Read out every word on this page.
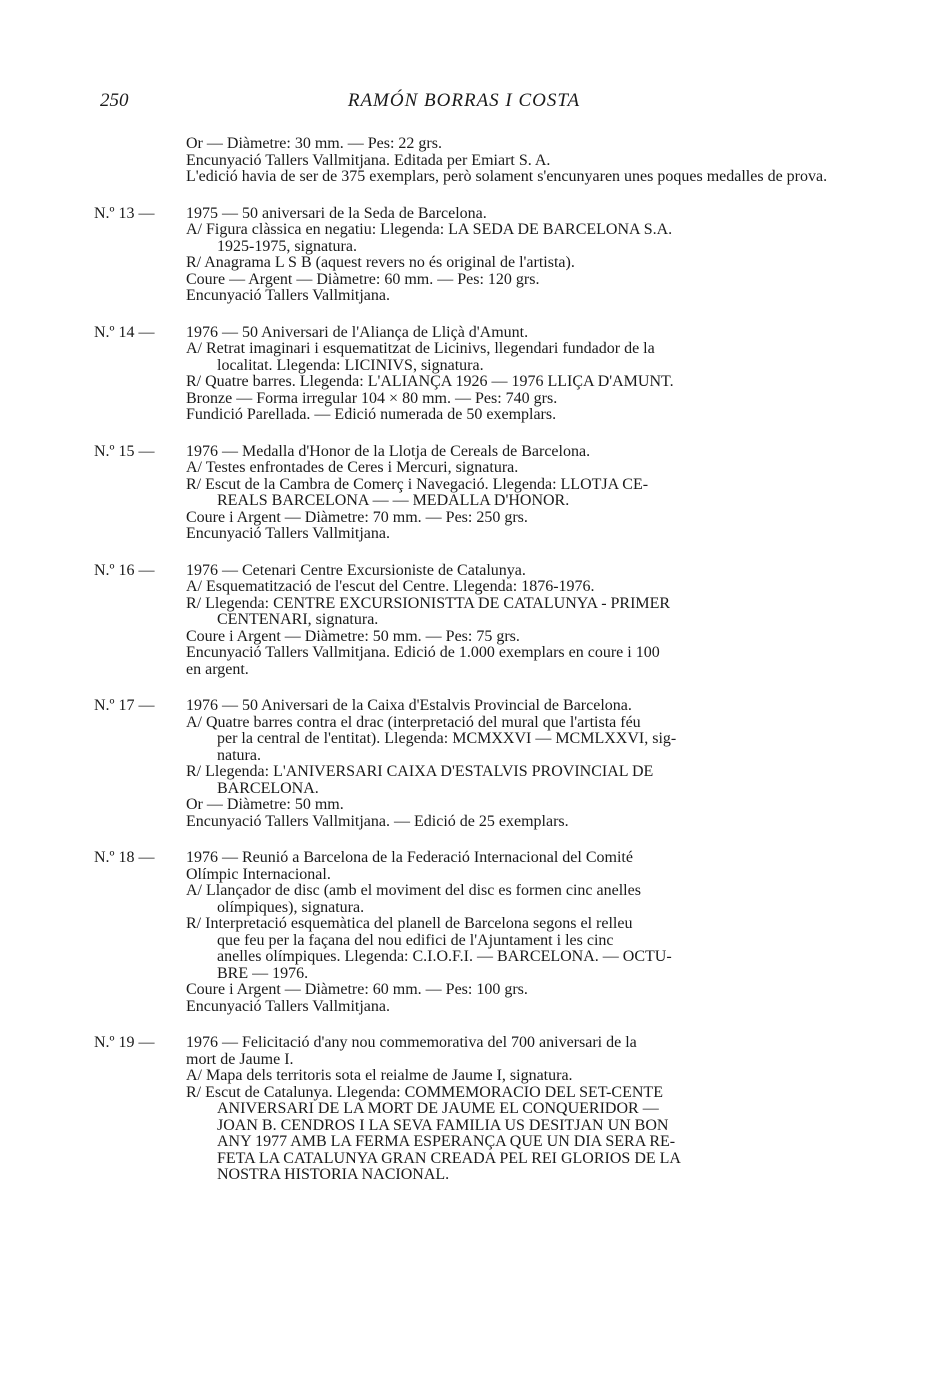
250	RAMÓN BORRAS I COSTA
Or — Diàmetre: 30 mm. — Pes: 22 grs.
Encunyació Tallers Vallmitjana. Editada per Emiart S. A.
L'edició havia de ser de 375 exemplars, però solament s'encunyaren unes poques medalles de prova.
N.º 13 — 1975 — 50 aniversari de la Seda de Barcelona.
A/ Figura clàssica en negatiu: Llegenda: LA SEDA DE BARCELONA S.A.
1925-1975, signatura.
R/ Anagrama L S B (aquest revers no és original de l'artista).
Coure — Argent — Diàmetre: 60 mm. — Pes: 120 grs.
Encunyació Tallers Vallmitjana.
N.º 14 — 1976 — 50 Aniversari de l'Aliança de Lliçà d'Amunt.
A/ Retrat imaginari i esquematitzat de Licinivs, llegendari fundador de la
localitat. Llegenda: LICINIVS, signatura.
R/ Quatre barres. Llegenda: L'ALIANÇA 1926 — 1976 LLIÇA D'AMUNT.
Bronze — Forma irregular 104 × 80 mm. — Pes: 740 grs.
Fundició Parellada. — Edició numerada de 50 exemplars.
N.º 15 — 1976 — Medalla d'Honor de la Llotja de Cereals de Barcelona.
A/ Testes enfrontades de Ceres i Mercuri, signatura.
R/ Escut de la Cambra de Comerç i Navegació. Llegenda: LLOTJA CE-
REALS BARCELONA — — MEDALLA D'HONOR.
Coure i Argent — Diàmetre: 70 mm. — Pes: 250 grs.
Encunyació Tallers Vallmitjana.
N.º 16 — 1976 — Cetenari Centre Excursioniste de Catalunya.
A/ Esquematització de l'escut del Centre. Llegenda: 1876-1976.
R/ Llegenda: CENTRE EXCURSIONISTTA DE CATALUNYA - PRIMER
CENTENARI, signatura.
Coure i Argent — Diàmetre: 50 mm. — Pes: 75 grs.
Encunyació Tallers Vallmitjana. Edició de 1.000 exemplars en coure i 100
en argent.
N.º 17 — 1976 — 50 Aniversari de la Caixa d'Estalvis Provincial de Barcelona.
A/ Quatre barres contra el drac (interpretació del mural que l'artista féu
per la central de l'entitat). Llegenda: MCMXXVI — MCMLXXVI, sig-
natura.
R/ Llegenda: L'ANIVERSARI CAIXA D'ESTALVIS PROVINCIAL DE
BARCELONA.
Or — Diàmetre: 50 mm.
Encunyació Tallers Vallmitjana. — Edició de 25 exemplars.
N.º 18 — 1976 — Reunió a Barcelona de la Federació Internacional del Comité
Olímpic Internacional.
A/ Llançador de disc (amb el moviment del disc es formen cinc anelles
olímpiques), signatura.
R/ Interpretació esquemàtica del planell de Barcelona segons el relleu
que feu per la façana del nou edifici de l'Ajuntament i les cinc
anelles olímpiques. Llegenda: C.I.O.F.I. — BARCELONA. — OCTU-
BRE — 1976.
Coure i Argent — Diàmetre: 60 mm. — Pes: 100 grs.
Encunyació Tallers Vallmitjana.
N.º 19 — 1976 — Felicitació d'any nou commemorativa del 700 aniversari de la
mort de Jaume I.
A/ Mapa dels territoris sota el reialme de Jaume I, signatura.
R/ Escut de Catalunya. Llegenda: COMMEMORACIO DEL SET-CENTE
ANIVERSARI DE LA MORT DE JAUME EL CONQUERIDOR —
JOAN B. CENDROS I LA SEVA FAMILIA US DESITJAN UN BON
ANY 1977 AMB LA FERMA ESPERANÇA QUE UN DIA SERA RE-
FETA LA CATALUNYA GRAN CREADA PEL REI GLORIOS DE LA
NOSTRA HISTORIA NACIONAL.
